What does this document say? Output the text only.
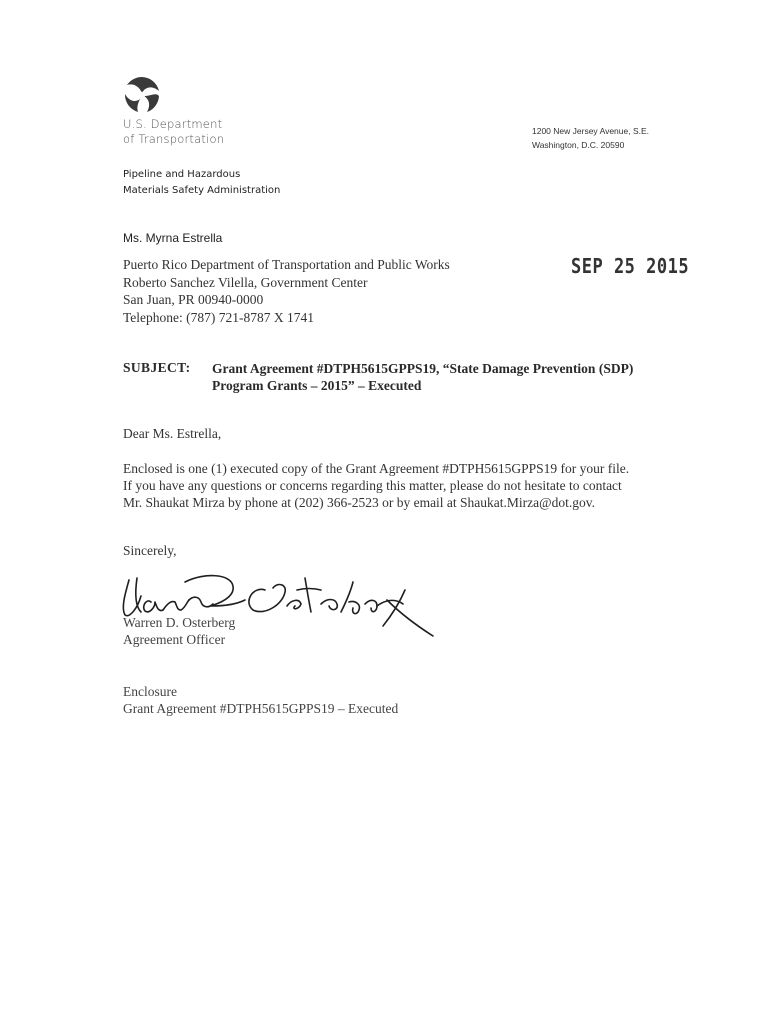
U.S. Department
of Transportation
1200 New Jersey Avenue, S.E.
Washington, D.C. 20590
Pipeline and Hazardous
Materials Safety Administration
Ms. Myrna Estrella
Puerto Rico Department of Transportation and Public Works
Roberto Sanchez Vilella, Government Center
San Juan, PR 00940-0000
Telephone: (787) 721-8787 X 1741
SEP 25 2015
SUBJECT: Grant Agreement #DTPH5615GPPS19, “State Damage Prevention (SDP)
Program Grants – 2015” – Executed
Dear Ms. Estrella,
Enclosed is one (1) executed copy of the Grant Agreement #DTPH5615GPPS19 for your file.
If you have any questions or concerns regarding this matter, please do not hesitate to contact
Mr. Shaukat Mirza by phone at (202) 366-2523 or by email at Shaukat.Mirza@dot.gov.
Sincerely,
Warren D. Osterberg
Agreement Officer
Enclosure
Grant Agreement #DTPH5615GPPS19 – Executed
